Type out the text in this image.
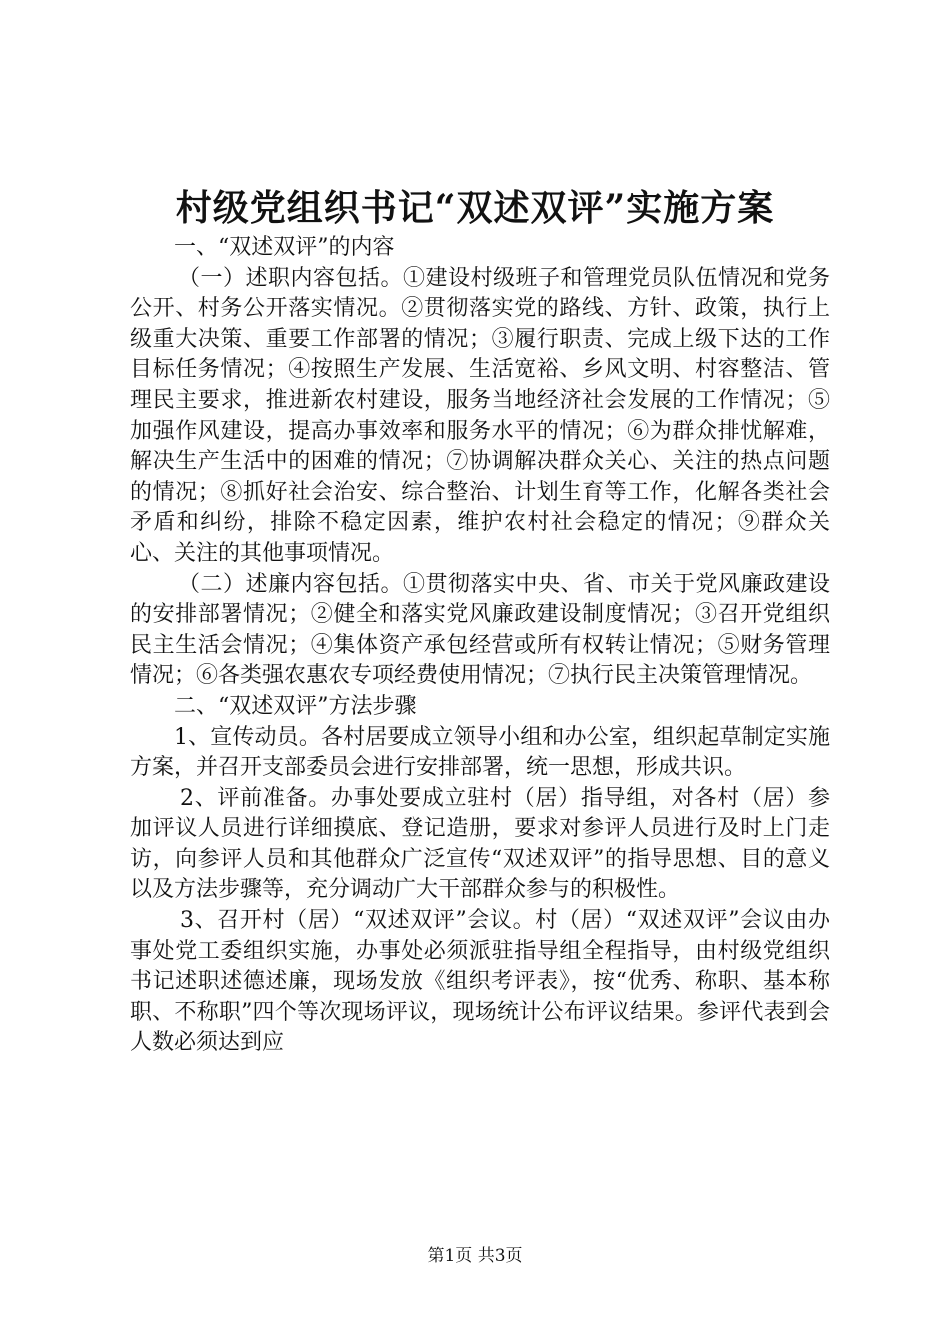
村级党组织书记“双述双评”实施方案

一、“双述双评”的内容

（一）述职内容包括。①建设村级班子和管理党员队伍情况和党务公开、村务公开落实情况。②贯彻落实党的路线、方针、政策，执行上级重大决策、重要工作部署的情况；③履行职责、完成上级下达的工作目标任务情况；④按照生产发展、生活宽裕、乡风文明、村容整洁、管理民主要求，推进新农村建设，服务当地经济社会发展的工作情况；⑤加强作风建设，提高办事效率和服务水平的情况；⑥为群众排忧解难，解决生产生活中的困难的情况；⑦协调解决群众关心、关注的热点问题的情况；⑧抓好社会治安、综合整治、计划生育等工作，化解各类社会矛盾和纠纷，排除不稳定因素，维护农村社会稳定的情况；⑨群众关心、关注的其他事项情况。

（二）述廉内容包括。①贯彻落实中央、省、市关于党风廉政建设的安排部署情况；②健全和落实党风廉政建设制度情况；③召开党组织民主生活会情况；④集体资产承包经营或所有权转让情况；⑤财务管理情况；⑥各类强农惠农专项经费使用情况；⑦执行民主决策管理情况。

二、“双述双评”方法步骤

1、宣传动员。各村居要成立领导小组和办公室，组织起草制定实施方案，并召开支部委员会进行安排部署，统一思想，形成共识。

2、评前准备。办事处要成立驻村（居）指导组，对各村（居）参加评议人员进行详细摸底、登记造册，要求对参评人员进行及时上门走访，向参评人员和其他群众广泛宣传“双述双评”的指导思想、目的意义以及方法步骤等，充分调动广大干部群众参与的积极性。

3、召开村（居）“双述双评”会议。村（居）“双述双评”会议由办事处党工委组织实施，办事处必须派驻指导组全程指导，由村级党组织书记述职述德述廉，现场发放《组织考评表》，按“优秀、称职、基本称职、不称职”四个等次现场评议，现场统计公布评议结果。参评代表到会人数必须达到应

第1页 共3页
